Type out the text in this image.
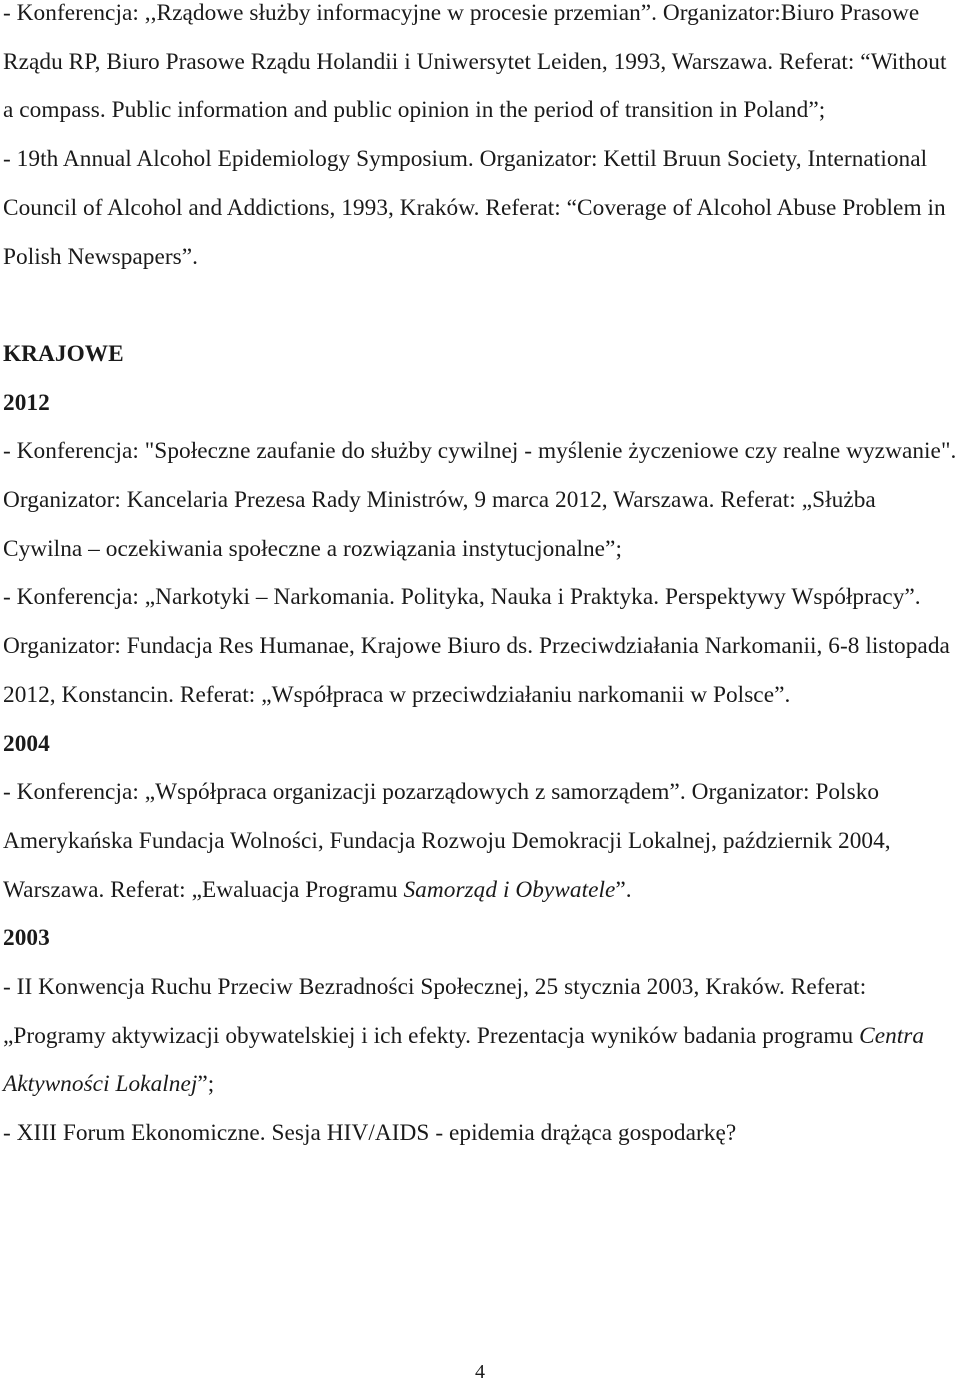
- Konferencja: ,,Rządowe służby informacyjne w procesie przemian”. Organizator:Biuro Prasowe Rządu RP, Biuro Prasowe Rządu Holandii i Uniwersytet Leiden, 1993, Warszawa. Referat: “Without a compass. Public information and public opinion in the period of transition in Poland”;

- 19th Annual Alcohol Epidemiology Symposium. Organizator: Kettil Bruun Society, International Council of Alcohol and Addictions, 1993, Kraków. Referat: “Coverage of Alcohol Abuse Problem in Polish Newspapers”.

KRAJOWE

2012

- Konferencja: "Społeczne zaufanie do służby cywilnej - myślenie życzeniowe czy realne wyzwanie". Organizator: Kancelaria Prezesa Rady Ministrów, 9 marca 2012, Warszawa. Referat: „Służba Cywilna – oczekiwania społeczne a rozwiązania instytucjonalne”;

- Konferencja: „Narkotyki – Narkomania. Polityka, Nauka i Praktyka. Perspektywy Współpracy”. Organizator: Fundacja Res Humanae, Krajowe Biuro ds. Przeciwdziałania Narkomanii, 6-8 listopada 2012, Konstancin. Referat: „Współpraca w przeciwdziałaniu narkomanii w Polsce”.

2004

- Konferencja: „Współpraca organizacji pozarządowych z samorządem”. Organizator: Polsko Amerykańska Fundacja Wolności, Fundacja Rozwoju Demokracji Lokalnej, październik 2004, Warszawa. Referat: „Ewaluacja Programu Samorząd i Obywatele”.

2003

- II Konwencja Ruchu Przeciw Bezradności Społecznej, 25 stycznia 2003, Kraków. Referat: „Programy aktywizacji obywatelskiej i ich efekty. Prezentacja wyników badania programu Centra Aktywności Lokalnej”;

- XIII Forum Ekonomiczne. Sesja HIV/AIDS - epidemia drążąca gospodarkę?

4
